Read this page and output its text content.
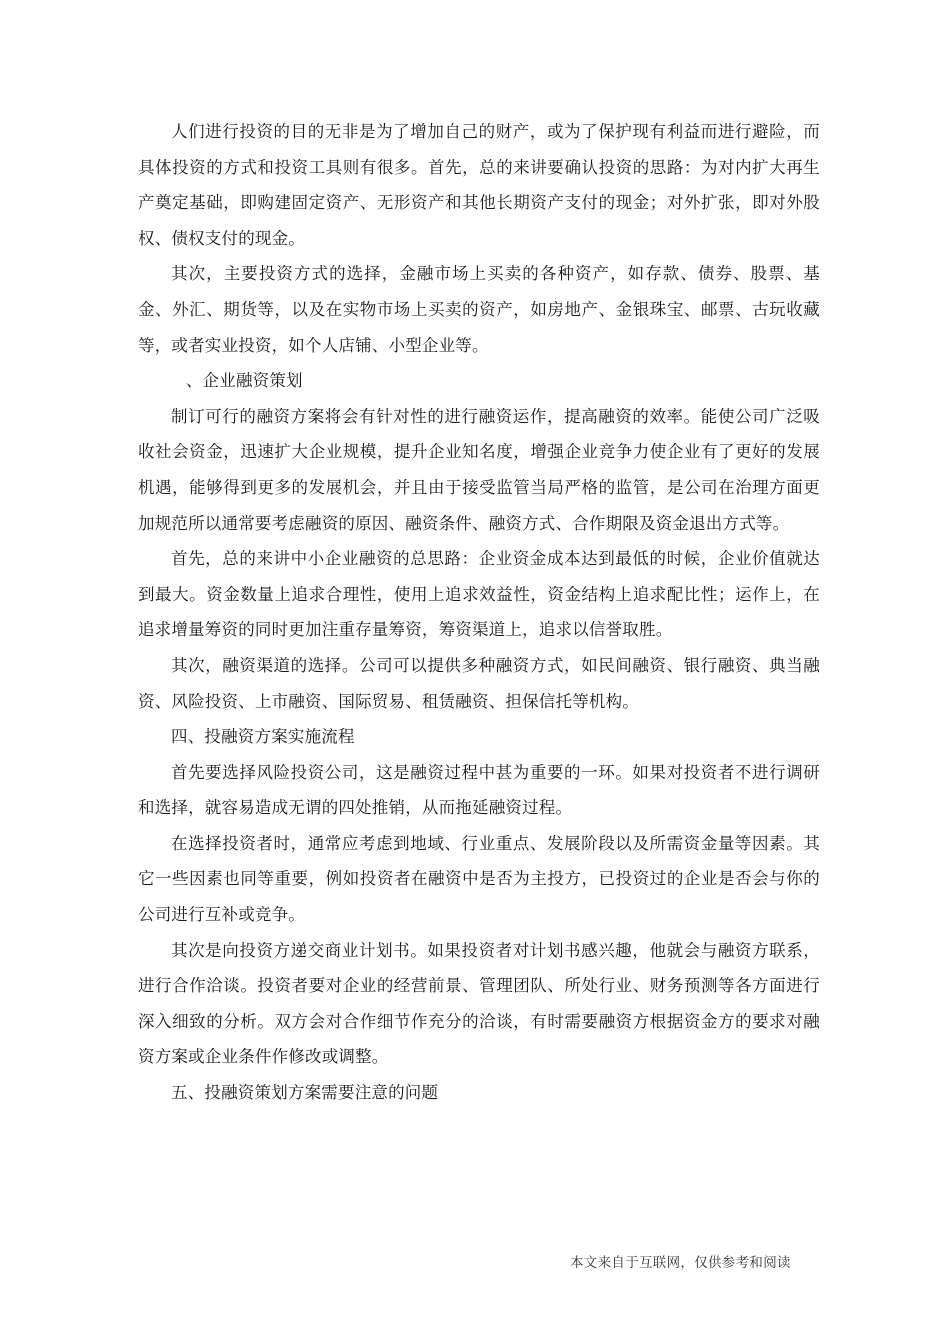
人们进行投资的目的无非是为了增加自己的财产，或为了保护现有利益而进行避险，而具体投资的方式和投资工具则有很多。首先，总的来讲要确认投资的思路：为对内扩大再生产奠定基础，即购建固定资产、无形资产和其他长期资产支付的现金；对外扩张，即对外股权、债权支付的现金。

其次，主要投资方式的选择，金融市场上买卖的各种资产，如存款、债券、股票、基金、外汇、期货等，以及在实物市场上买卖的资产，如房地产、金银珠宝、邮票、古玩收藏等，或者实业投资，如个人店铺、小型企业等。

、企业融资策划

制订可行的融资方案将会有针对性的进行融资运作，提高融资的效率。能使公司广泛吸收社会资金，迅速扩大企业规模，提升企业知名度，增强企业竞争力使企业有了更好的发展机遇，能够得到更多的发展机会，并且由于接受监管当局严格的监管，是公司在治理方面更加规范所以通常要考虑融资的原因、融资条件、融资方式、合作期限及资金退出方式等。

首先，总的来讲中小企业融资的总思路：企业资金成本达到最低的时候，企业价值就达到最大。资金数量上追求合理性，使用上追求效益性，资金结构上追求配比性；运作上，在追求增量筹资的同时更加注重存量筹资，筹资渠道上，追求以信誉取胜。

其次，融资渠道的选择。公司可以提供多种融资方式，如民间融资、银行融资、典当融资、风险投资、上市融资、国际贸易、租赁融资、担保信托等机构。

四、投融资方案实施流程

首先要选择风险投资公司，这是融资过程中甚为重要的一环。如果对投资者不进行调研和选择，就容易造成无谓的四处推销，从而拖延融资过程。

在选择投资者时，通常应考虑到地域、行业重点、发展阶段以及所需资金量等因素。其它一些因素也同等重要，例如投资者在融资中是否为主投方，已投资过的企业是否会与你的公司进行互补或竞争。

其次是向投资方递交商业计划书。如果投资者对计划书感兴趣，他就会与融资方联系，进行合作洽谈。投资者要对企业的经营前景、管理团队、所处行业、财务预测等各方面进行深入细致的分析。双方会对合作细节作充分的洽谈，有时需要融资方根据资金方的要求对融资方案或企业条件作修改或调整。

五、投融资策划方案需要注意的问题

本文来自于互联网，仅供参考和阅读
